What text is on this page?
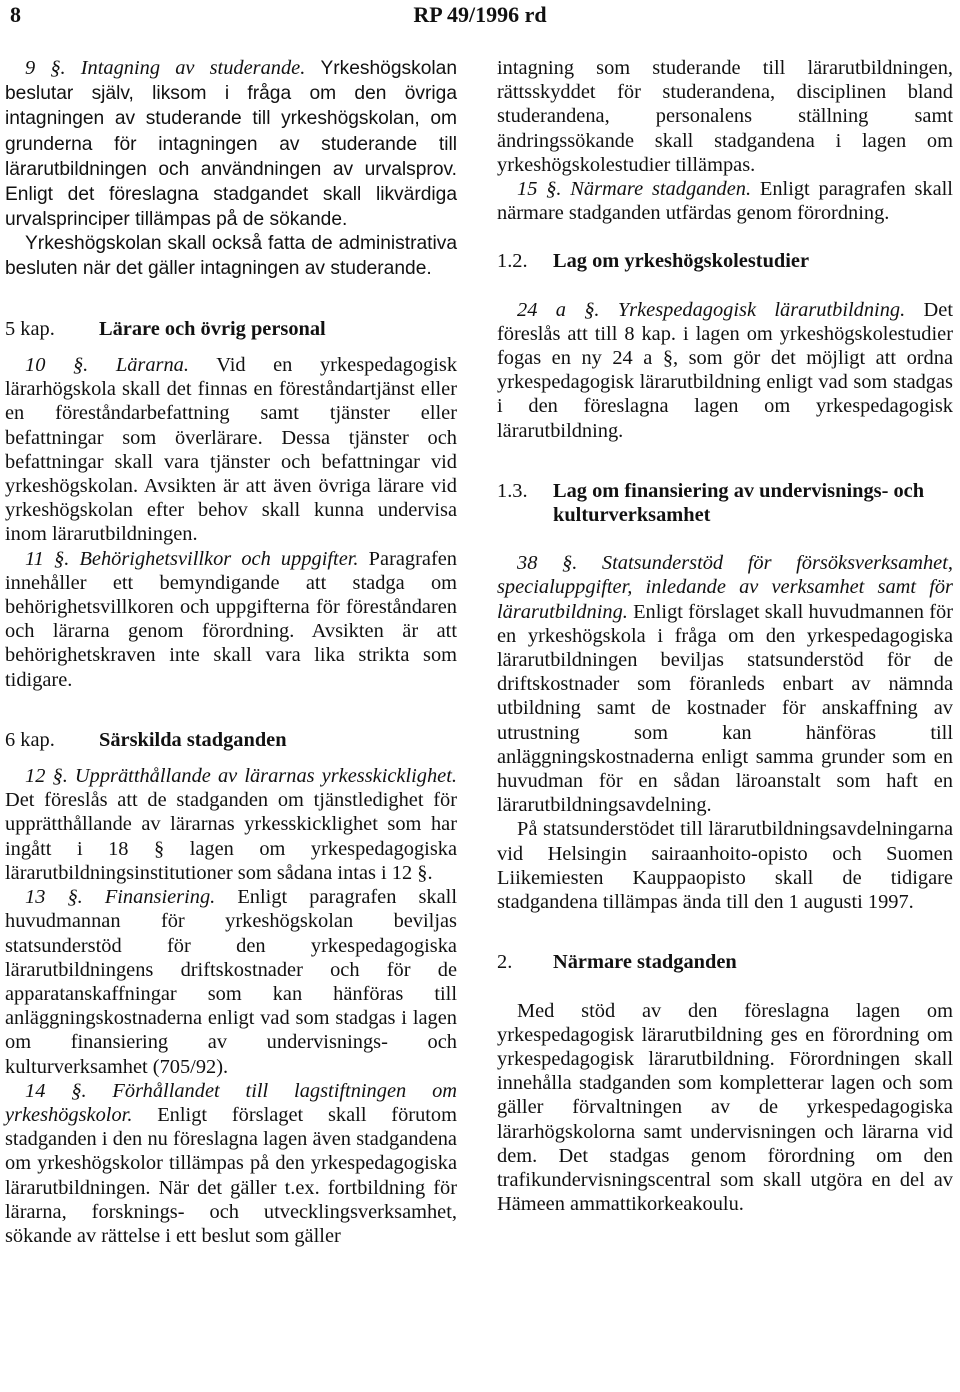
8	RP 49/1996 rd

9 §. Intagning av studerande. Yrkeshögskolan beslutar själv, liksom i fråga om den övriga intagningen av studerande till yrkeshögskolan, om grunderna för intagningen av studerande till lärarutbildningen och användningen av urvalsprov. Enligt det föreslagna stadgandet skall likvärdiga urvalsprinciper tillämpas på de sökande.

Yrkeshögskolan skall också fatta de administrativa besluten när det gäller intagningen av studerande.

5 kap.	Lärare och övrig personal

10 §. Lärarna. Vid en yrkespedagogisk lärarhögskola skall det finnas en föreståndartjänst eller en föreståndarbefattning samt tjänster eller befattningar som överlärare. Dessa tjänster och befattningar skall vara tjänster och befattningar vid yrkeshögskolan. Avsikten är att även övriga lärare vid yrkeshögskolan efter behov skall kunna undervisa inom lärarutbildningen.

11 §. Behörighetsvillkor och uppgifter. Paragrafen innehåller ett bemyndigande att stadga om behörighetsvillkoren och uppgifterna för föreståndaren och lärarna genom förordning. Avsikten är att behörighetskraven inte skall vara lika strikta som tidigare.

6 kap.	Särskilda stadganden

12 §. Upprätthållande av lärarnas yrkesskicklighet. Det föreslås att de stadganden om tjänstledighet för upprätthållande av lärarnas yrkesskicklighet som har ingått i 18 § lagen om yrkespedagogiska lärarutbildningsinstitutioner som sådana intas i 12 §.

13 §. Finansiering. Enligt paragrafen skall huvudmannan för yrkeshögskolan beviljas statsunderstöd för den yrkespedagogiska lärarutbildningens driftskostnader och för de apparatanskaffningar som kan hänföras till anläggningskostnaderna enligt vad som stadgas i lagen om finansiering av undervisnings- och kulturverksamhet (705/92).

14 §. Förhållandet till lagstiftningen om yrkeshögskolor. Enligt förslaget skall förutom stadganden i den nu föreslagna lagen även stadgandena om yrkeshögskolor tillämpas på den yrkespedagogiska lärarutbildningen. När det gäller t.ex. fortbildning för lärarna, forsknings- och utvecklingsverksamhet, sökande av rättelse i ett beslut som gäller

intagning som studerande till lärarutbildningen, rättsskyddet för studerandena, disciplinen bland studerandena, personalens ställning samt ändringssökande skall stadgandena i lagen om yrkeshögskolestudier tillämpas.

15 §. Närmare stadganden. Enligt paragrafen skall närmare stadganden utfärdas genom förordning.

1.2.	Lag om yrkeshögskolestudier

24 a §. Yrkespedagogisk lärarutbildning. Det föreslås att till 8 kap. i lagen om yrkeshögskolestudier fogas en ny 24 a §, som gör det möjligt att ordna yrkespedagogisk lärarutbildning enligt vad som stadgas i den föreslagna lagen om yrkespedagogisk lärarutbildning.

1.3.	Lag om finansiering av undervisnings- och kulturverksamhet

38 §. Statsunderstöd för försöksverksamhet, specialuppgifter, inledande av verksamhet samt för lärarutbildning. Enligt förslaget skall huvudmannen för en yrkeshögskola i fråga om den yrkespedagogiska lärarutbildningen beviljas statsunderstöd för de driftskostnader som föranleds enbart av nämnda utbildning samt de kostnader för anskaffning av utrustning som kan hänföras till anläggningskostnaderna enligt samma grunder som en huvudman för en sådan läroanstalt som haft en lärarutbildningsavdelning.

På statsunderstödet till lärarutbildningsavdelningarna vid Helsingin sairaanhoito-opisto och Suomen Liikemiesten Kauppaopisto skall de tidigare stadgandena tillämpas ända till den 1 augusti 1997.

2.	Närmare stadganden

Med stöd av den föreslagna lagen om yrkespedagogisk lärarutbildning ges en förordning om yrkespedagogisk lärarutbildning. Förordningen skall innehålla stadganden som kompletterar lagen och som gäller förvaltningen av de yrkespedagogiska lärarhögskolorna samt undervisningen och lärarna vid dem. Det stadgas genom förordning om den trafikundervisningscentral som skall utgöra en del av Hämeen ammattikorkeakoulu.
